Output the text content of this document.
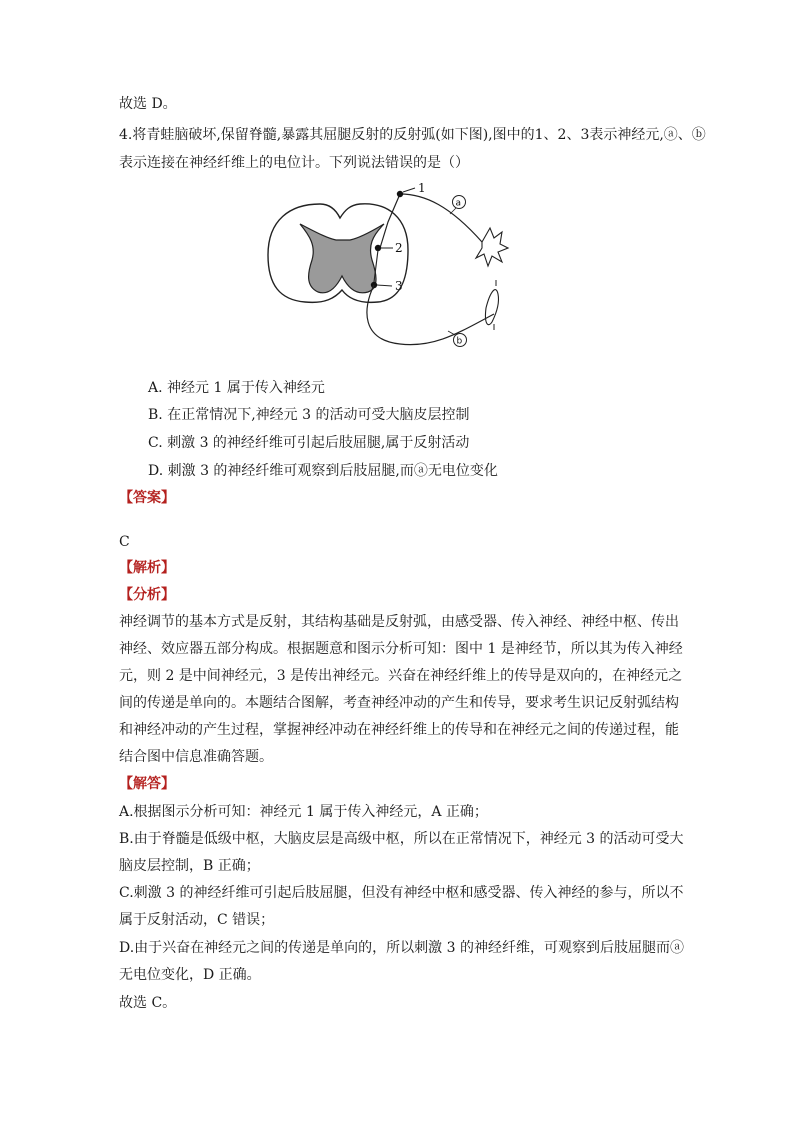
故选 D。
4.将青蛙脑破坏,保留脊髓,暴露其屈腿反射的反射弧(如下图),图中的1、2、3表示神经元,ⓐ、ⓑ
表示连接在神经纤维上的电位计。下列说法错误的是（）
1
a
2
3
b
A. 神经元 1 属于传入神经元
B. 在正常情况下,神经元 3 的活动可受大脑皮层控制
C. 刺激 3 的神经纤维可引起后肢屈腿,属于反射活动
D. 刺激 3 的神经纤维可观察到后肢屈腿,而ⓐ无电位变化
【答案】
C
【解析】
【分析】
神经调节的基本方式是反射，其结构基础是反射弧，由感受器、传入神经、神经中枢、传出
神经、效应器五部分构成。根据题意和图示分析可知：图中 1 是神经节，所以其为传入神经
元，则 2 是中间神经元，3 是传出神经元。兴奋在神经纤维上的传导是双向的，在神经元之
间的传递是单向的。本题结合图解，考查神经冲动的产生和传导，要求考生识记反射弧结构
和神经冲动的产生过程，掌握神经冲动在神经纤维上的传导和在神经元之间的传递过程，能
结合图中信息准确答题。
【解答】
A.根据图示分析可知：神经元 1 属于传入神经元，A 正确；
B.由于脊髓是低级中枢，大脑皮层是高级中枢，所以在正常情况下，神经元 3 的活动可受大
脑皮层控制，B 正确；
C.刺激 3 的神经纤维可引起后肢屈腿，但没有神经中枢和感受器、传入神经的参与，所以不
属于反射活动，C 错误；
D.由于兴奋在神经元之间的传递是单向的，所以刺激 3 的神经纤维，可观察到后肢屈腿而ⓐ
无电位变化，D 正确。
故选 C。
